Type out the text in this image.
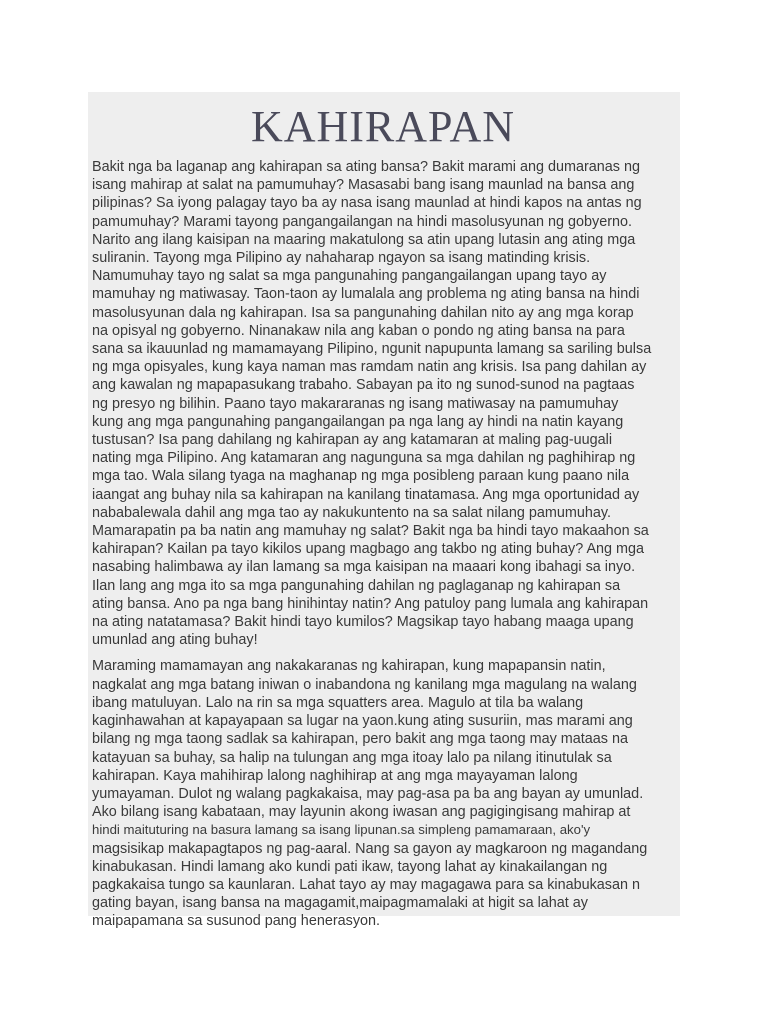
KAHIRAPAN

Bakit nga ba laganap ang kahirapan sa ating bansa? Bakit marami ang dumaranas ng
isang mahirap at salat na pamumuhay? Masasabi bang isang maunlad na bansa ang
pilipinas? Sa iyong palagay tayo ba ay nasa isang maunlad at hindi kapos na antas ng
pamumuhay? Marami tayong pangangailangan na hindi masolusyunan ng gobyerno.
Narito ang ilang kaisipan na maaring makatulong sa atin upang lutasin ang ating mga
suliranin. Tayong mga Pilipino ay nahaharap ngayon sa isang matinding krisis.
Namumuhay tayo ng salat sa mga pangunahing pangangailangan upang tayo ay
mamuhay ng matiwasay. Taon-taon ay lumalala ang problema ng ating bansa na hindi
masolusyunan dala ng kahirapan. Isa sa pangunahing dahilan nito ay ang mga korap
na opisyal ng gobyerno. Ninanakaw nila ang kaban o pondo ng ating bansa na para
sana sa ikauunlad ng mamamayang Pilipino, ngunit napupunta lamang sa sariling bulsa
ng mga opisyales, kung kaya naman mas ramdam natin ang krisis. Isa pang dahilan ay
ang kawalan ng mapapasukang trabaho. Sabayan pa ito ng sunod-sunod na pagtaas
ng presyo ng bilihin. Paano tayo makararanas ng isang matiwasay na pamumuhay
kung ang mga pangunahing pangangailangan pa nga lang ay hindi na natin kayang
tustusan? Isa pang dahilang ng kahirapan ay ang katamaran at maling pag-uugali
nating mga Pilipino. Ang katamaran ang nagunguna sa mga dahilan ng paghihirap ng
mga tao. Wala silang tyaga na maghanap ng mga posibleng paraan kung paano nila
iaangat ang buhay nila sa kahirapan na kanilang tinatamasa. Ang mga oportunidad ay
nababalewala dahil ang mga tao ay nakukuntento na sa salat nilang pamumuhay.
Mamarapatin pa ba natin ang mamuhay ng salat? Bakit nga ba hindi tayo makaahon sa
kahirapan? Kailan pa tayo kikilos upang magbago ang takbo ng ating buhay? Ang mga
nasabing halimbawa ay ilan lamang sa mga kaisipan na maaari kong ibahagi sa inyo.
Ilan lang ang mga ito sa mga pangunahing dahilan ng paglaganap ng kahirapan sa
ating bansa. Ano pa nga bang hinihintay natin? Ang patuloy pang lumala ang kahirapan
na ating natatamasa? Bakit hindi tayo kumilos? Magsikap tayo habang maaga upang
umunlad ang ating buhay!

Maraming mamamayan ang nakakaranas ng kahirapan, kung mapapansin natin,
nagkalat ang mga batang iniwan o inabandona ng kanilang mga magulang na walang
ibang matuluyan. Lalo na rin sa mga squatters area. Magulo at tila ba walang
kaginhawahan at kapayapaan sa lugar na yaon.kung ating susuriin, mas marami ang
bilang ng mga taong sadlak sa kahirapan, pero bakit ang mga taong may mataas na
katayuan sa buhay, sa halip na tulungan ang mga itoay lalo pa nilang itinutulak sa
kahirapan. Kaya mahihirap lalong naghihirap at ang mga mayayaman lalong
yumayaman. Dulot ng walang pagkakaisa, may pag-asa pa ba ang bayan ay umunlad.
Ako bilang isang kabataan, may layunin akong iwasan ang pagigingisang mahirap at
hindi maituturing na basura lamang sa isang lipunan.sa simpleng pamamaraan, ako'y
magsisikap makapagtapos ng pag-aaral. Nang sa gayon ay magkaroon ng magandang
kinabukasan. Hindi lamang ako kundi pati ikaw, tayong lahat ay kinakailangan ng
pagkakaisa tungo sa kaunlaran. Lahat tayo ay may magagawa para sa kinabukasan n
gating bayan, isang bansa na magagamit,maipagmamalaki at higit sa lahat ay
maipapamana sa susunod pang henerasyon.
